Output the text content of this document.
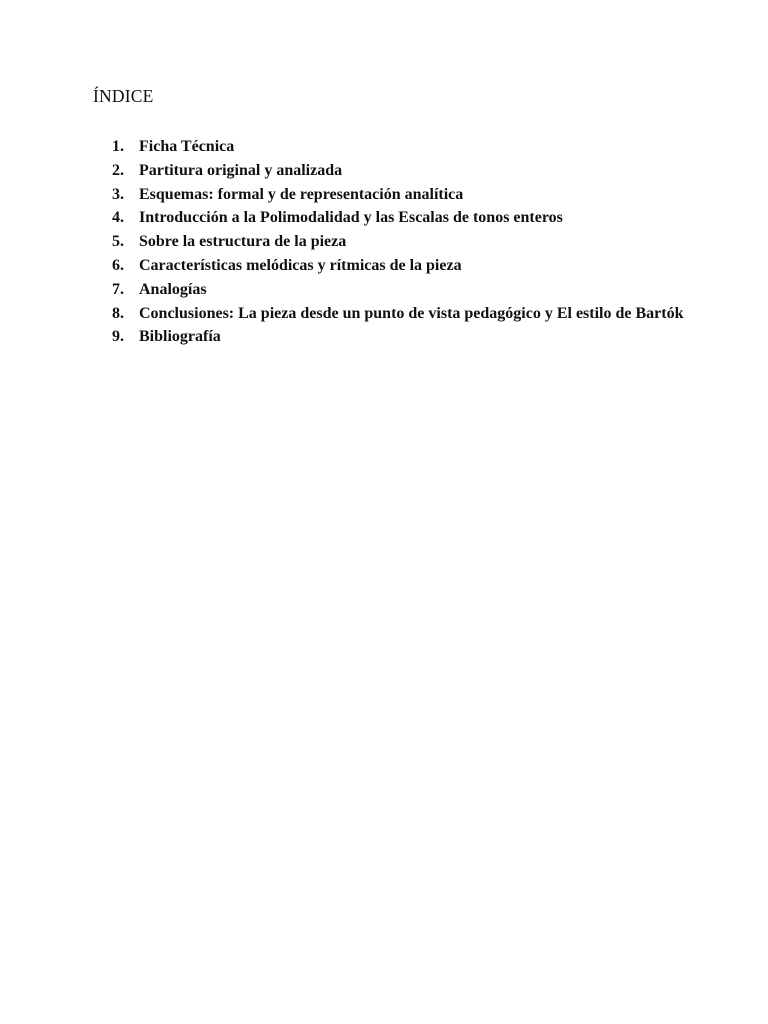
ÍNDICE
1. Ficha Técnica
2. Partitura original y analizada
3. Esquemas: formal y de representación analítica
4. Introducción a la Polimodalidad y las Escalas de tonos enteros
5. Sobre la estructura de la pieza
6. Características melódicas y rítmicas de la pieza
7. Analogías
8. Conclusiones: La pieza desde un punto de vista pedagógico y El estilo de Bartók
9. Bibliografía
